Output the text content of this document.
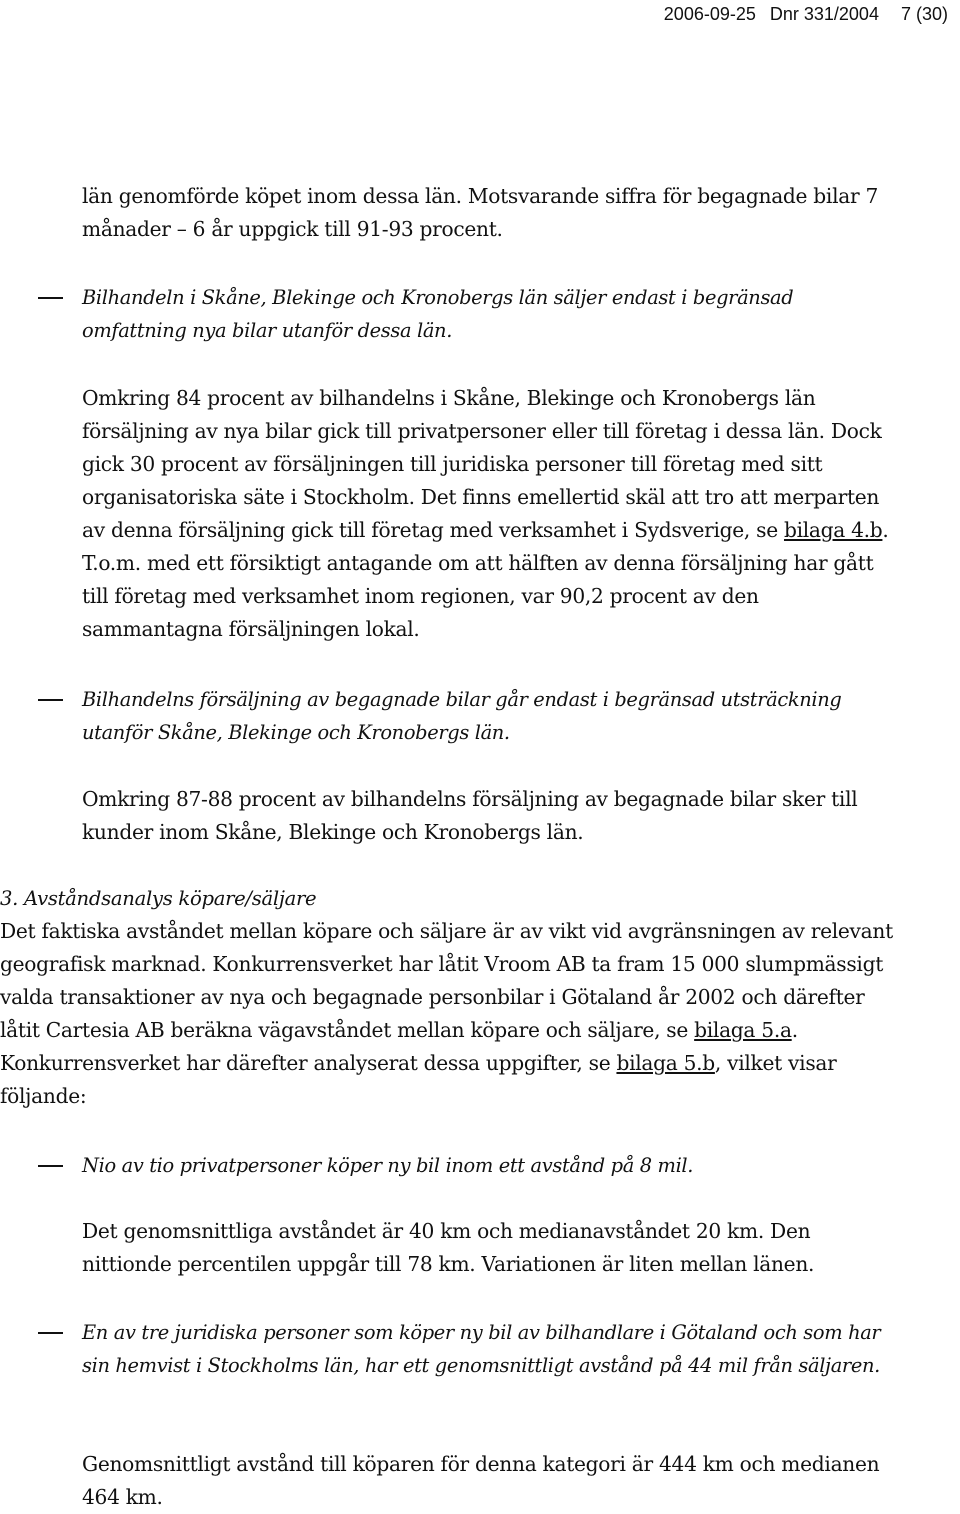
2006-09-25 Dnr 331/2004 7 (30)

län genomförde köpet inom dessa län. Motsvarande siffra för begagnade bilar 7 månader – 6 år uppgick till 91-93 procent.

Bilhandeln i Skåne, Blekinge och Kronobergs län säljer endast i begränsad omfattning nya bilar utanför dessa län.

Omkring 84 procent av bilhandelns i Skåne, Blekinge och Kronobergs län försäljning av nya bilar gick till privatpersoner eller till företag i dessa län. Dock gick 30 procent av försäljningen till juridiska personer till företag med sitt organisatoriska säte i Stockholm. Det finns emellertid skäl att tro att merparten av denna försäljning gick till företag med verksamhet i Sydsverige, se bilaga 4.b. T.o.m. med ett försiktigt antagande om att hälften av denna försäljning har gått till företag med verksamhet inom regionen, var 90,2 procent av den sammantagna försäljningen lokal.

Bilhandelns försäljning av begagnade bilar går endast i begränsad utsträckning utanför Skåne, Blekinge och Kronobergs län.

Omkring 87-88 procent av bilhandelns försäljning av begagnade bilar sker till kunder inom Skåne, Blekinge och Kronobergs län.

3. Avståndsanalys köpare/säljare
Det faktiska avståndet mellan köpare och säljare är av vikt vid avgränsningen av relevant geografisk marknad. Konkurrensverket har låtit Vroom AB ta fram 15 000 slumpmässigt valda transaktioner av nya och begagnade personbilar i Götaland år 2002 och därefter låtit Cartesia AB beräkna vägavståndet mellan köpare och säljare, se bilaga 5.a. Konkurrensverket har därefter analyserat dessa uppgifter, se bilaga 5.b, vilket visar följande:

Nio av tio privatpersoner köper ny bil inom ett avstånd på 8 mil.

Det genomsnittliga avståndet är 40 km och medianavståndet 20 km. Den nittionde percentilen uppgår till 78 km. Variationen är liten mellan länen.

En av tre juridiska personer som köper ny bil av bilhandlare i Götaland och som har sin hemvist i Stockholms län, har ett genomsnittligt avstånd på 44 mil från säljaren.

Genomsnittligt avstånd till köparen för denna kategori är 444 km och medianen 464 km.
